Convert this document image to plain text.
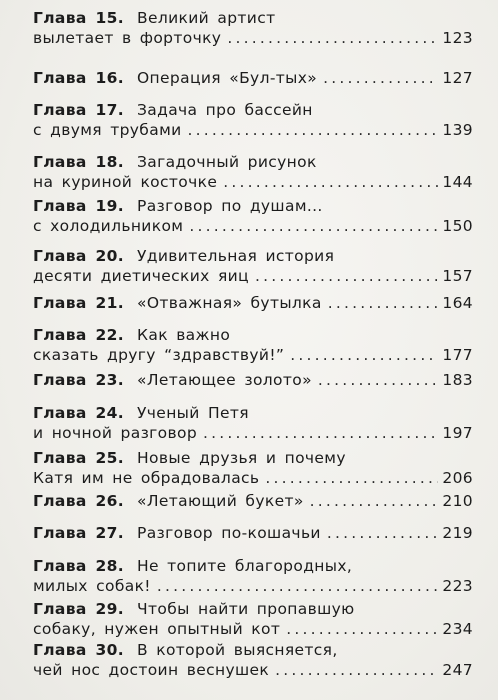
Глава 15. Великий артист
вылетает в форточку .....	123
Глава 16. Операция «Бул-тых» .....	127
Глава 17. Задача про бассейн
с двумя трубами .....	139
Глава 18. Загадочный рисунок
на куриной косточке .....	144
Глава 19. Разговор по душам...
с холодильником .....	150
Глава 20. Удивительная история
десяти диетических яиц .....	157
Глава 21. «Отважная» бутылка .....	164
Глава 22. Как важно
сказать другу “здравствуй!” .....	177
Глава 23. «Летающее золото» .....	183
Глава 24. Ученый Петя
и ночной разговор .....	197
Глава 25. Новые друзья и почему
Катя им не обрадовалась .....	206
Глава 26. «Летающий букет» .....	210
Глава 27. Разговор по-кошачьи .....	219
Глава 28. Не топите благородных,
милых собак! .....	223
Глава 29. Чтобы найти пропавшую
собаку, нужен опытный кот .....	234
Глава 30. В которой выясняется,
чей нос достоин веснушек .....	247
